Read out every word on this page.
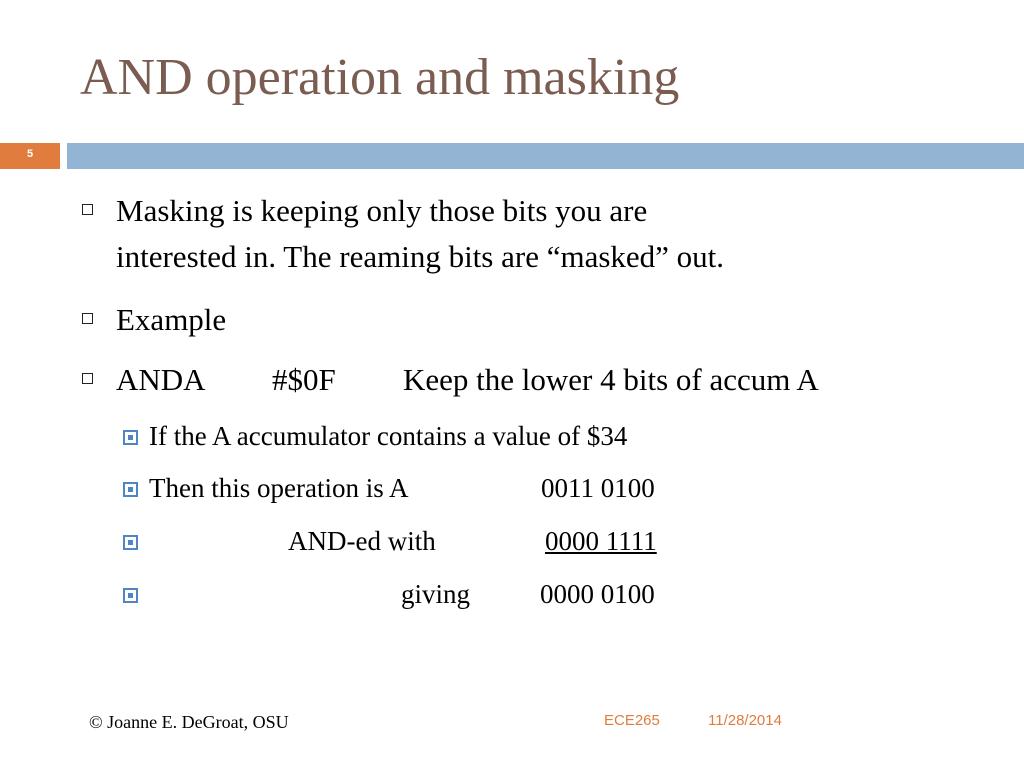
AND operation and masking
5
Masking is keeping only those bits you are
interested in. The reaming bits are “masked” out.
Example
ANDA #$0F Keep the lower 4 bits of accum A
If the A accumulator contains a value of $34
Then this operation is A	0011 0100
AND-ed with	0000 1111
giving	0000 0100
© Joanne E. DeGroat, OSU	ECE265	11/28/2014
